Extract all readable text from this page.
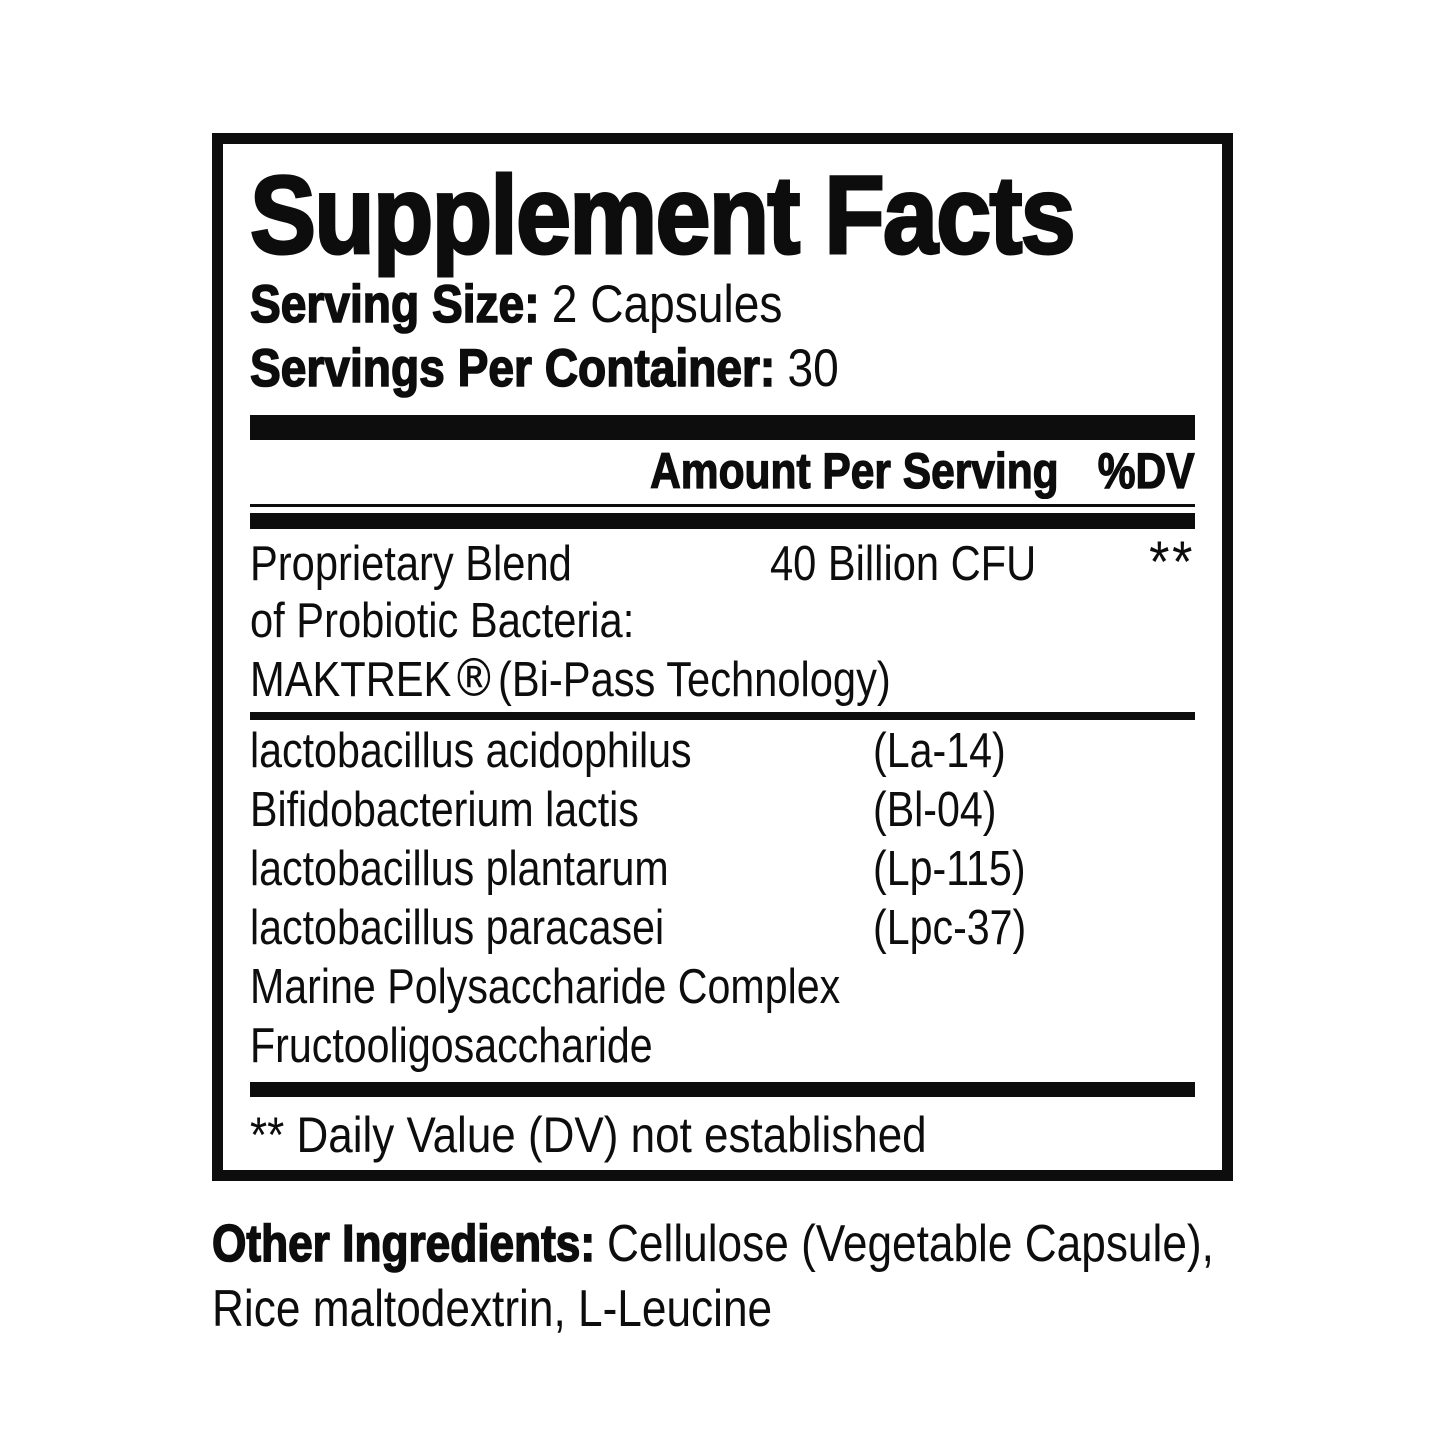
Supplement Facts
Serving Size: 2 Capsules
Servings Per Container: 30
Amount Per Serving %DV
Proprietary Blend	40 Billion CFU	**
of Probiotic Bacteria:
MAKTREK®(Bi-Pass Technology)
lactobacillus acidophilus	(La-14)
Bifidobacterium lactis	(Bl-04)
lactobacillus plantarum	(Lp-115)
lactobacillus paracasei	(Lpc-37)
Marine Polysaccharide Complex
Fructooligosaccharide
** Daily Value (DV) not established
Other Ingredients: Cellulose (Vegetable Capsule),
Rice maltodextrin, L-Leucine
